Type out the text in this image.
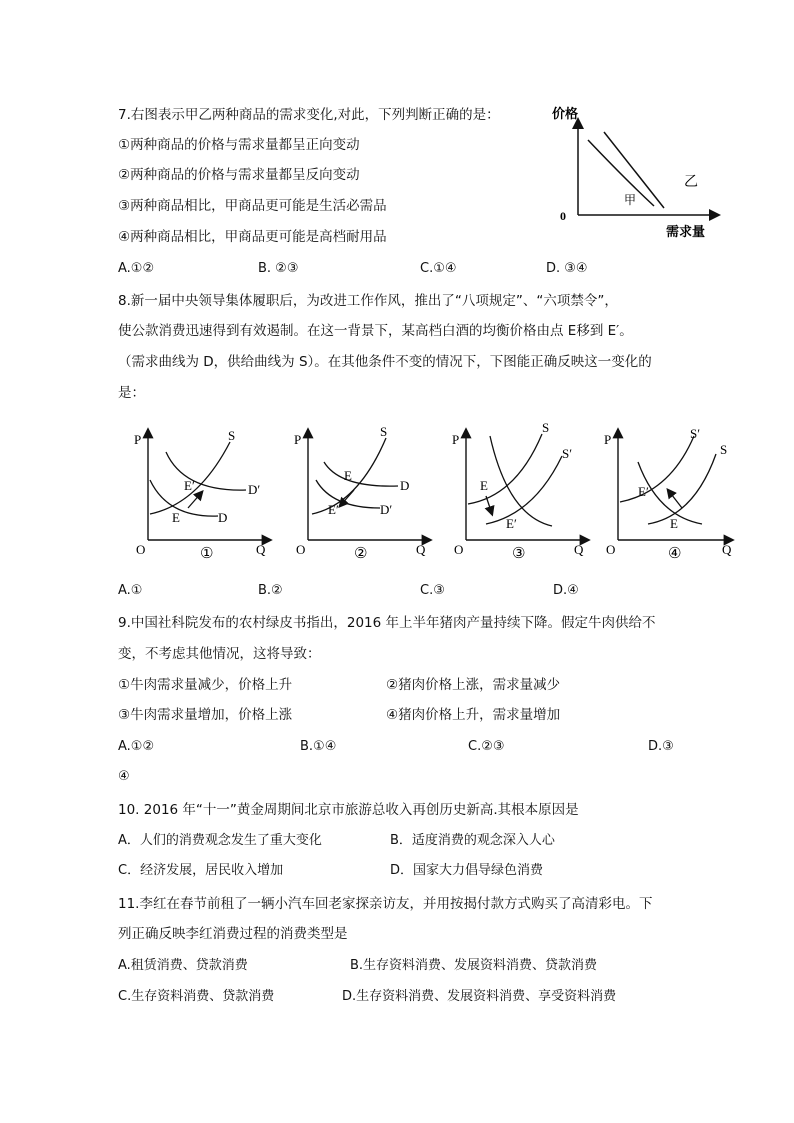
7.右图表示甲乙两种商品的需求变化,对此，下列判断正确的是：
①两种商品的价格与需求量都呈正向变动
②两种商品的价格与需求量都呈反向变动
③两种商品相比，甲商品更可能是生活必需品
④两种商品相比，甲商品更可能是高档耐用品
A.①②	B. ②③	C.①④	D. ③④
价格
需求量
0
甲
乙
8.新一届中央领导集体履职后，为改进工作作风，推出了“八项规定”、“六项禁令”，
使公款消费迅速得到有效遏制。在这一背景下，某高档白酒的均衡价格由点 E移到 E′。
（需求曲线为 D，供给曲线为 S）。在其他条件不变的情况下，下图能正确反映这一变化的
是：
P
O	Q
S
E′	D′
E	D
①
P
O	Q
S
E
D
E′	D′
②
P
O	Q
S
S′
E
E′
③
P
O	Q
S′
S
E′
E
④
A.①	B.②	C.③	D.④
9.中国社科院发布的农村绿皮书指出，2016 年上半年猪肉产量持续下降。假定牛肉供给不
变，不考虑其他情况，这将导致：
①牛肉需求量减少，价格上升	②猪肉价格上涨，需求量减少
③牛肉需求量增加，价格上涨	④猪肉价格上升，需求量增加
A.①②	B.①④	C.②③	D.③
④
10. 2016 年“十一”黄金周期间北京市旅游总收入再创历史新高.其根本原因是
A．人们的消费观念发生了重大变化	B．适度消费的观念深入人心
C．经济发展，居民收入增加	D．国家大力倡导绿色消费
11.李红在春节前租了一辆小汽车回老家探亲访友，并用按揭付款方式购买了高清彩电。下
列正确反映李红消费过程的消费类型是
A.租赁消费、贷款消费	B.生存资料消费、发展资料消费、贷款消费
C.生存资料消费、贷款消费	D.生存资料消费、发展资料消费、享受资料消费
